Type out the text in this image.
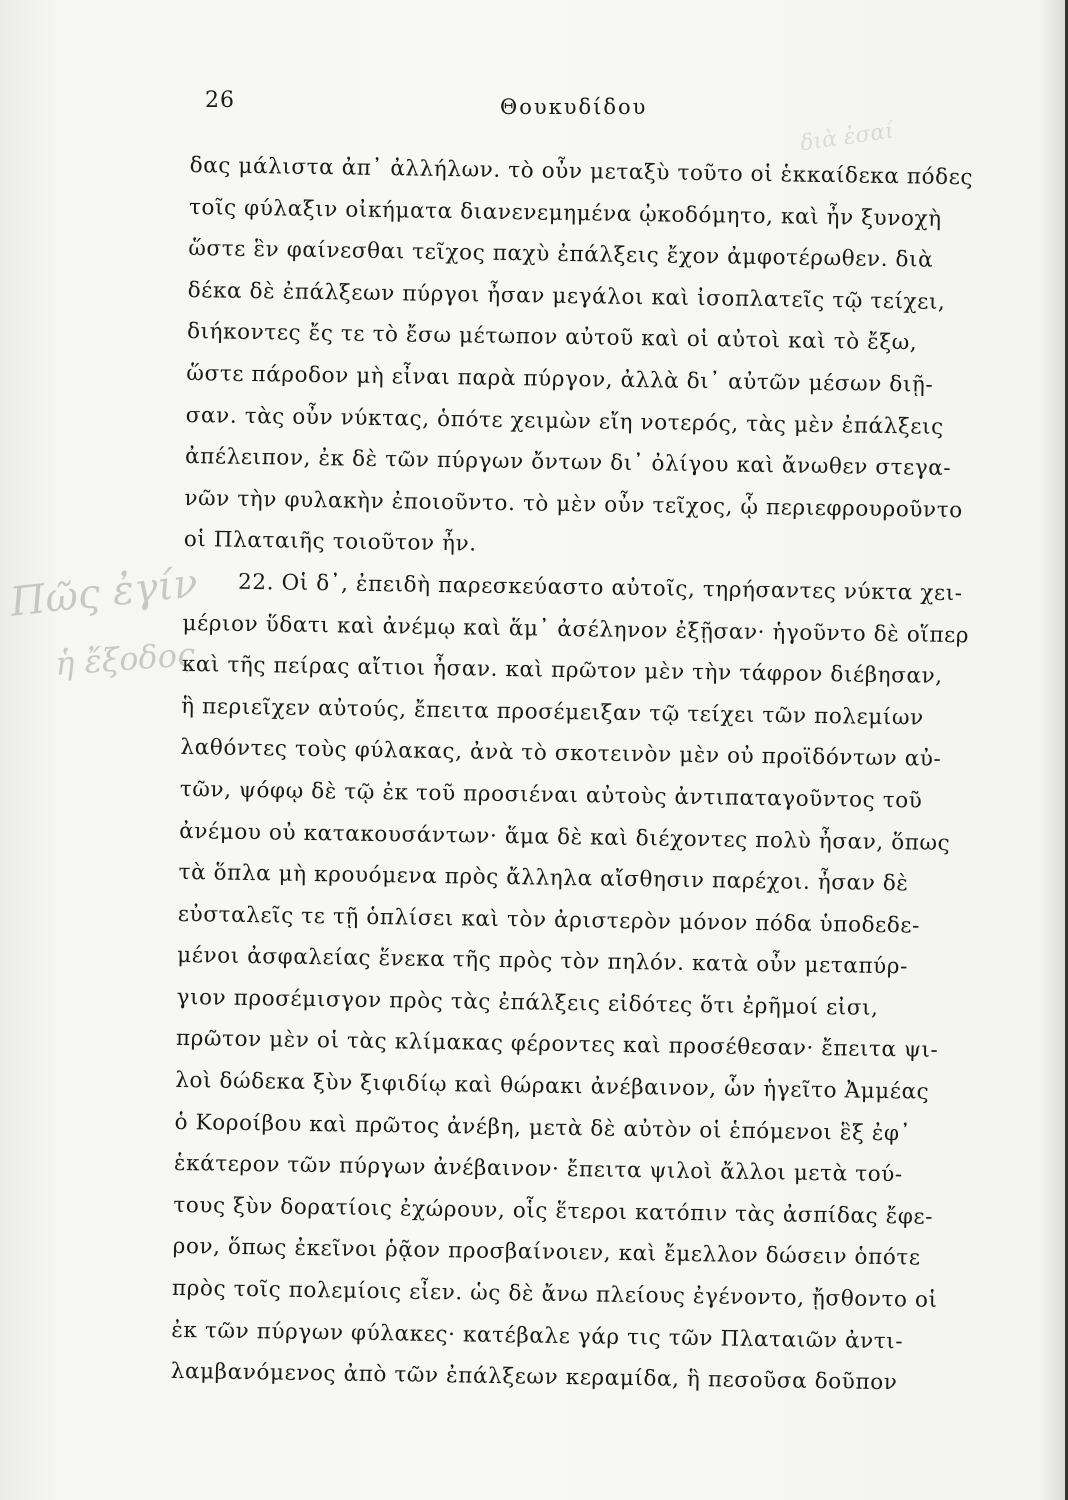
26	Θουκυδίδου
διὰ ἐσαί
Πῶς ἐγίν
ἡ ἔξοδος
δας μάλιστα ἀπ᾽ ἀλλήλων. τὸ οὖν μεταξὺ τοῦτο οἱ ἑκκαίδεκα πόδες
τοῖς φύλαξιν οἰκήματα διανενεμημένα ᾠκοδόμητο, καὶ ἦν ξυνοχὴ
ὥστε ἓν φαίνεσθαι τεῖχος παχὺ ἐπάλξεις ἔχον ἀμφοτέρωθεν. διὰ
δέκα δὲ ἐπάλξεων πύργοι ἦσαν μεγάλοι καὶ ἰσοπλατεῖς τῷ τείχει,
διήκοντες ἔς τε τὸ ἔσω μέτωπον αὐτοῦ καὶ οἱ αὐτοὶ καὶ τὸ ἔξω,
ὥστε πάροδον μὴ εἶναι παρὰ πύργον, ἀλλὰ δι᾽ αὐτῶν μέσων διῇ-
σαν. τὰς οὖν νύκτας, ὁπότε χειμὼν εἴη νοτερός, τὰς μὲν ἐπάλξεις
ἀπέλειπον, ἐκ δὲ τῶν πύργων ὄντων δι᾽ ὀλίγου καὶ ἄνωθεν στεγα-
νῶν τὴν φυλακὴν ἐποιοῦντο. τὸ μὲν οὖν τεῖχος, ᾧ περιεφρουροῦντο
οἱ Πλαταιῆς τοιοῦτον ἦν.
22. Οἱ δ᾽, ἐπειδὴ παρεσκεύαστο αὐτοῖς, τηρήσαντες νύκτα χει-
μέριον ὕδατι καὶ ἀνέμῳ καὶ ἅμ᾽ ἀσέληνον ἐξῇσαν· ἡγοῦντο δὲ οἵπερ
καὶ τῆς πείρας αἴτιοι ἦσαν. καὶ πρῶτον μὲν τὴν τάφρον διέβησαν,
ἣ περιεῖχεν αὐτούς, ἔπειτα προσέμειξαν τῷ τείχει τῶν πολεμίων
λαθόντες τοὺς φύλακας, ἀνὰ τὸ σκοτεινὸν μὲν οὐ προϊδόντων αὐ-
τῶν, ψόφῳ δὲ τῷ ἐκ τοῦ προσιέναι αὐτοὺς ἀντιπαταγοῦντος τοῦ
ἀνέμου οὐ κατακουσάντων· ἅμα δὲ καὶ διέχοντες πολὺ ἦσαν, ὅπως
τὰ ὅπλα μὴ κρουόμενα πρὸς ἄλληλα αἴσθησιν παρέχοι. ἦσαν δὲ
εὐσταλεῖς τε τῇ ὁπλίσει καὶ τὸν ἀριστερὸν μόνον πόδα ὑποδεδε-
μένοι ἀσφαλείας ἕνεκα τῆς πρὸς τὸν πηλόν. κατὰ οὖν μεταπύρ-
γιον προσέμισγον πρὸς τὰς ἐπάλξεις εἰδότες ὅτι ἐρῆμοί εἰσι,
πρῶτον μὲν οἱ τὰς κλίμακας φέροντες καὶ προσέθεσαν· ἔπειτα ψι-
λοὶ δώδεκα ξὺν ξιφιδίῳ καὶ θώρακι ἀνέβαινον, ὧν ἡγεῖτο Ἀμμέας
ὁ Κοροίβου καὶ πρῶτος ἀνέβη, μετὰ δὲ αὐτὸν οἱ ἑπόμενοι ἓξ ἐφ᾽
ἑκάτερον τῶν πύργων ἀνέβαινον· ἔπειτα ψιλοὶ ἄλλοι μετὰ τού-
τους ξὺν δορατίοις ἐχώρουν, οἷς ἕτεροι κατόπιν τὰς ἀσπίδας ἔφε-
ρον, ὅπως ἐκεῖνοι ῥᾷον προσβαίνοιεν, καὶ ἔμελλον δώσειν ὁπότε
πρὸς τοῖς πολεμίοις εἶεν. ὡς δὲ ἄνω πλείους ἐγένοντο, ᾔσθοντο οἱ
ἐκ τῶν πύργων φύλακες· κατέβαλε γάρ τις τῶν Πλαταιῶν ἀντι-
λαμβανόμενος ἀπὸ τῶν ἐπάλξεων κεραμίδα, ἣ πεσοῦσα δοῦπον
